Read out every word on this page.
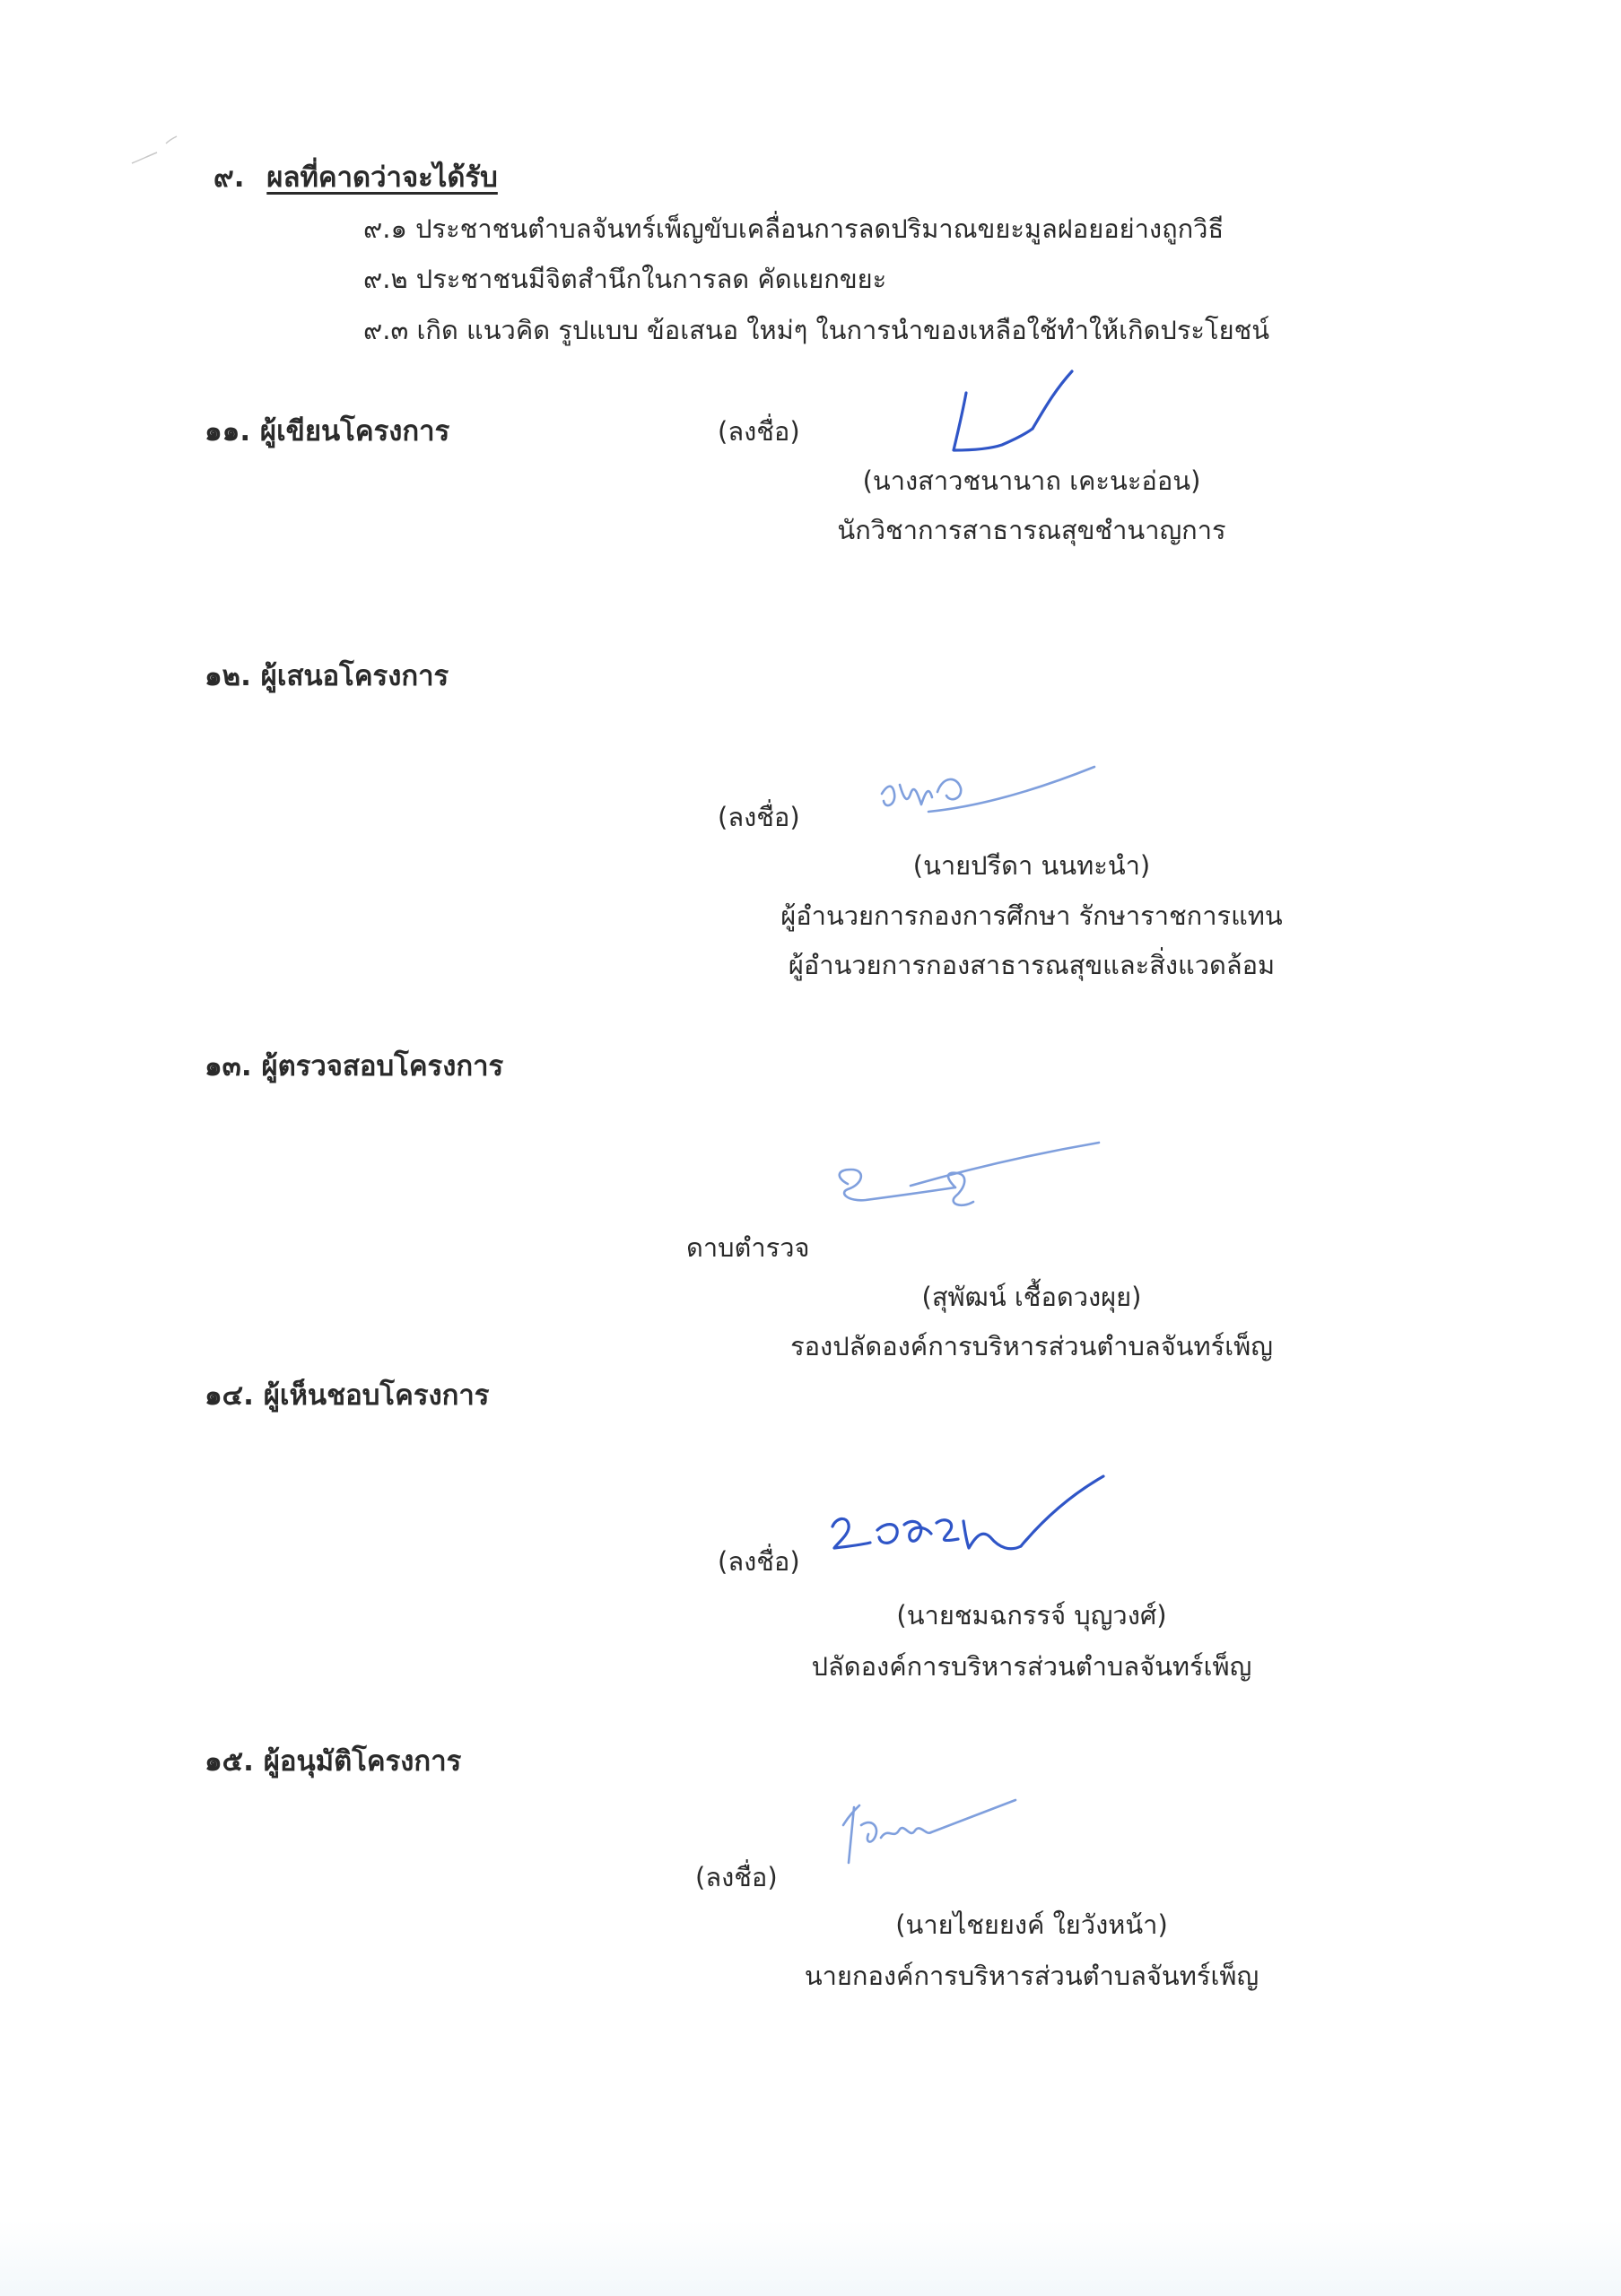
๙. ผลที่คาดว่าจะได้รับ
๙.๑ ประชาชนตำบลจันทร์เพ็ญขับเคลื่อนการลดปริมาณขยะมูลฝอยอย่างถูกวิธี
๙.๒ ประชาชนมีจิตสำนึกในการลด คัดแยกขยะ
๙.๓ เกิด แนวคิด รูปแบบ ข้อเสนอ ใหม่ๆ ในการนำของเหลือใช้ทำให้เกิดประโยชน์
๑๑. ผู้เขียนโครงการ	(ลงชื่อ)
(นางสาวชนานาถ เคะนะอ่อน)
นักวิชาการสาธารณสุขชำนาญการ
๑๒. ผู้เสนอโครงการ
(ลงชื่อ)
(นายปรีดา นนทะนำ)
ผู้อำนวยการกองการศึกษา รักษาราชการแทน
ผู้อำนวยการกองสาธารณสุขและสิ่งแวดล้อม
๑๓. ผู้ตรวจสอบโครงการ
ดาบตำรวจ
(สุพัฒน์ เชื้อดวงผุย)
รองปลัดองค์การบริหารส่วนตำบลจันทร์เพ็ญ
๑๔. ผู้เห็นชอบโครงการ
(ลงชื่อ)
(นายชมฉกรรจ์ บุญวงศ์)
ปลัดองค์การบริหารส่วนตำบลจันทร์เพ็ญ
๑๕. ผู้อนุมัติโครงการ
(ลงชื่อ)
(นายไชยยงค์ ใยวังหน้า)
นายกองค์การบริหารส่วนตำบลจันทร์เพ็ญ
